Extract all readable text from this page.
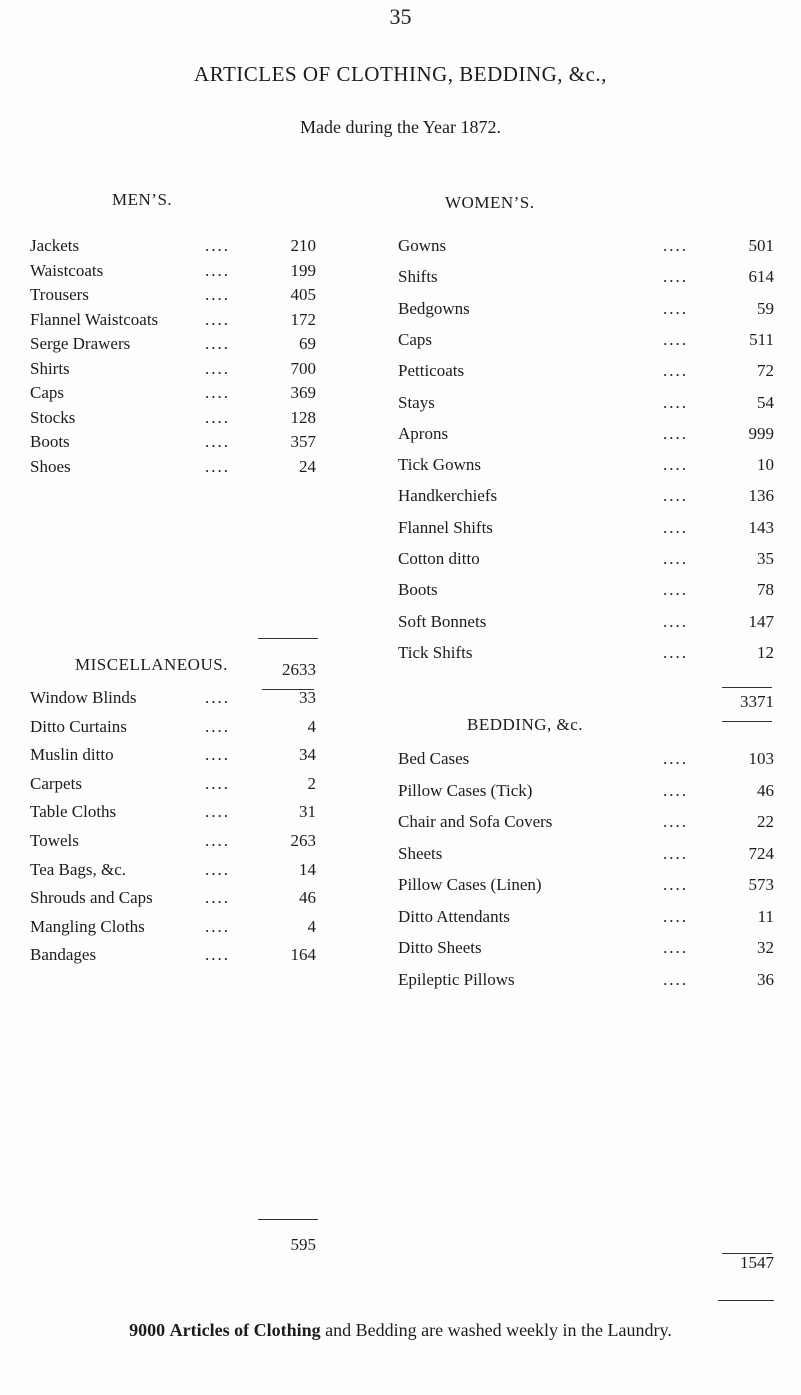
35
ARTICLES OF CLOTHING, BEDDING, &c.,
Made during the Year 1872.
MEN’S.	WOMEN’S.
MISCELLANEOUS.
BEDDING, &c.
Jackets	....	210
Waistcoats	....	199
Trousers	....	405
Flannel Waistcoats	....	172
Serge Drawers	....	69
Shirts	....	700
Caps	....	369
Stocks	....	128
Boots	....	357
Shoes	....	24
2633
Gowns	....	501
Shifts	....	614
Bedgowns	....	59
Caps	....	511
Petticoats	....	72
Stays	....	54
Aprons	....	999
Tick Gowns	....	10
Handkerchiefs	....	136
Flannel Shifts	....	143
Cotton ditto	....	35
Boots	....	78
Soft Bonnets	....	147
Tick Shifts	....	12
3371
Window Blinds	....	33
Ditto Curtains	....	4
Muslin ditto	....	34
Carpets	....	2
Table Cloths	....	31
Towels	....	263
Tea Bags, &c.	....	14
Shrouds and Caps	....	46
Mangling Cloths	....	4
Bandages	....	164
595
Bed Cases	....	103
Pillow Cases (Tick)	....	46
Chair and Sofa Covers	....	22
Sheets	....	724
Pillow Cases (Linen)	....	573
Ditto Attendants	....	11
Ditto Sheets	....	32
Epileptic Pillows	....	36
1547
9000 Articles of Clothing and Bedding are washed weekly in the Laundry.
